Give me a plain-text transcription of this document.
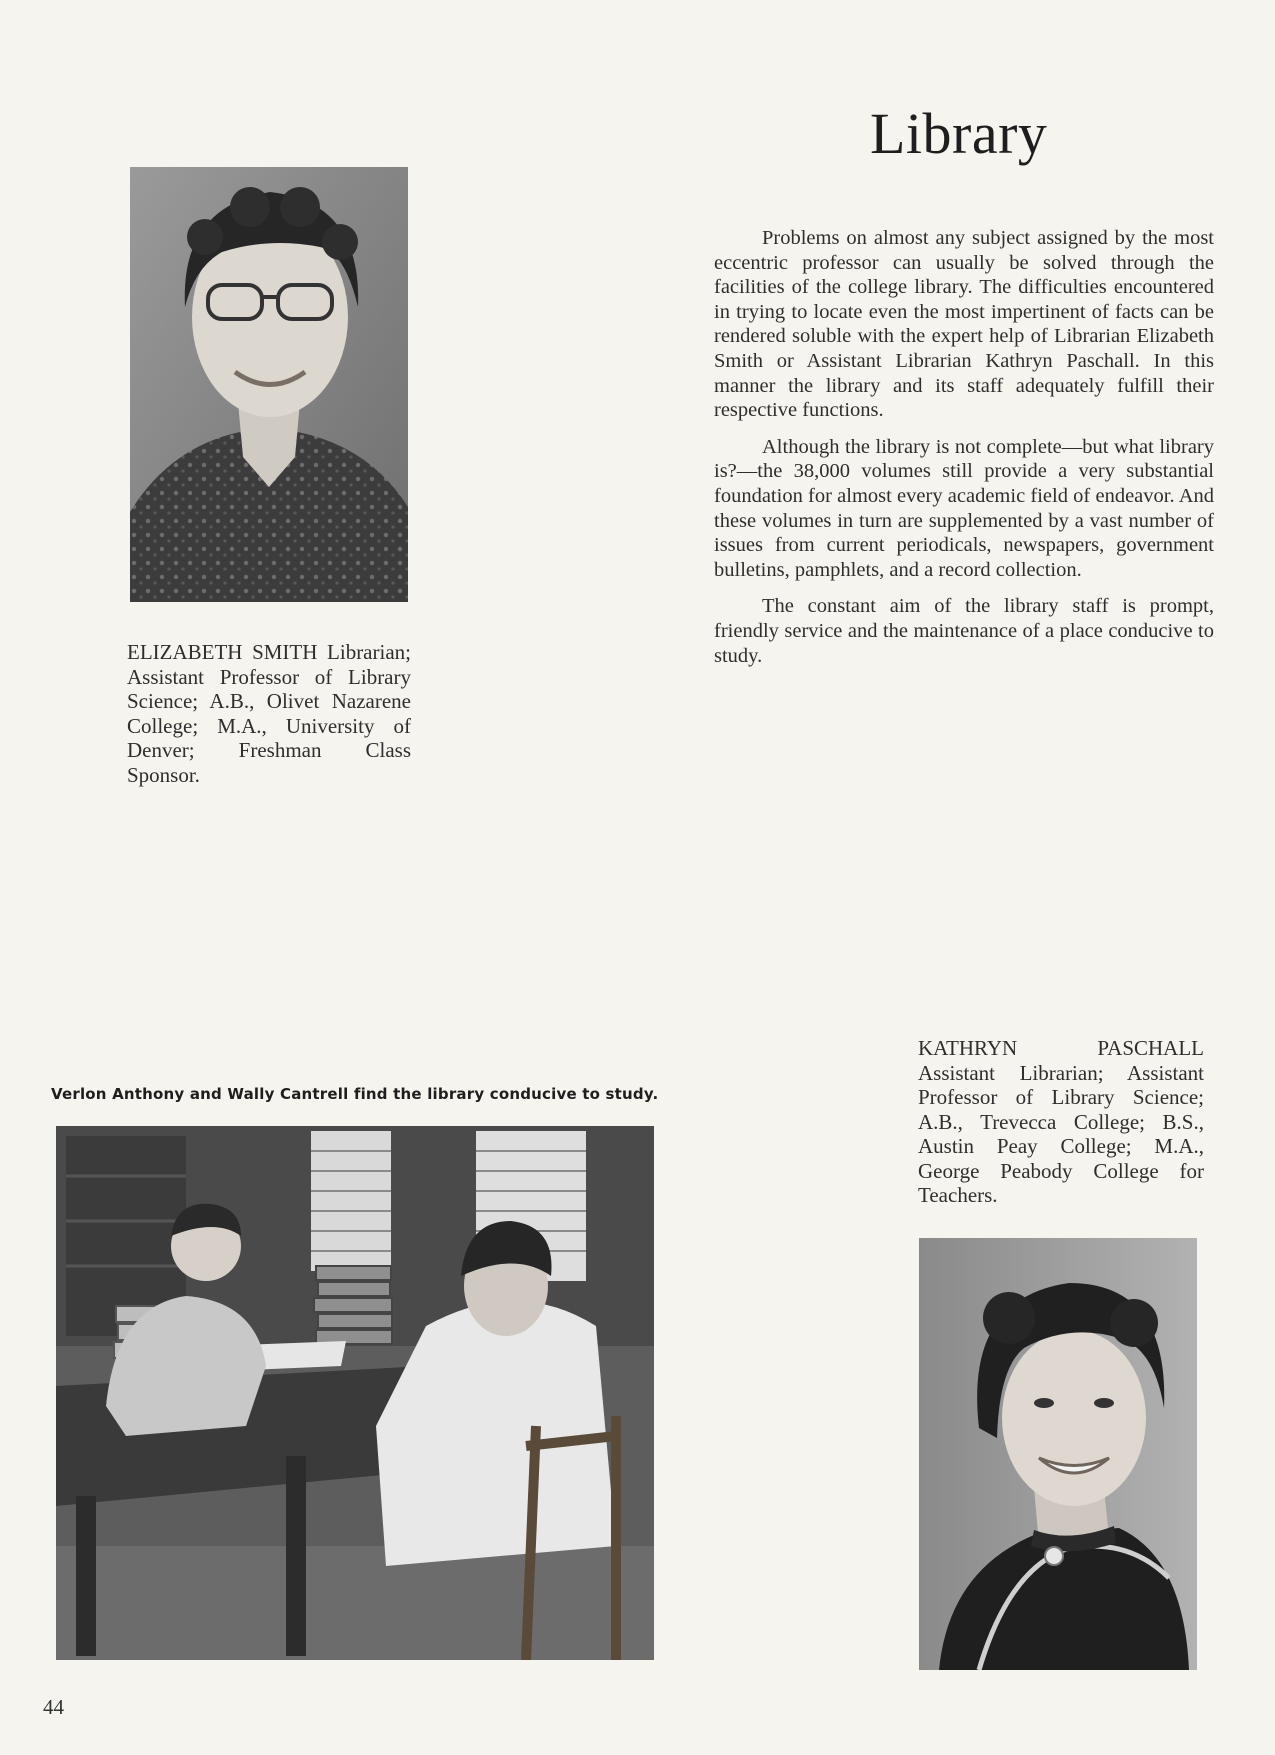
Library

Problems on almost any subject assigned by the most eccentric professor can usually be solved through the facilities of the college library. The difficulties encountered in trying to locate even the most impertinent of facts can be rendered soluble with the expert help of Librarian Elizabeth Smith or Assistant Librarian Kathryn Paschall. In this manner the library and its staff adequately fulfill their respective functions.

Although the library is not complete—but what library is?—the 38,000 volumes still provide a very substantial foundation for almost every academic field of endeavor. And these volumes in turn are supplemented by a vast number of issues from current periodicals, newspapers, government bulletins, pamphlets, and a record collection.

The constant aim of the library staff is prompt, friendly service and the maintenance of a place conducive to study.

ELIZABETH SMITH Librarian; Assistant Professor of Library Science; A.B., Olivet Nazarene College; M.A., University of Denver; Freshman Class Sponsor.

Verlon Anthony and Wally Cantrell find the library conducive to study.

KATHRYN PASCHALL Assistant Librarian; Assistant Professor of Library Science; A.B., Trevecca College; B.S., Austin Peay College; M.A., George Peabody College for Teachers.

44
